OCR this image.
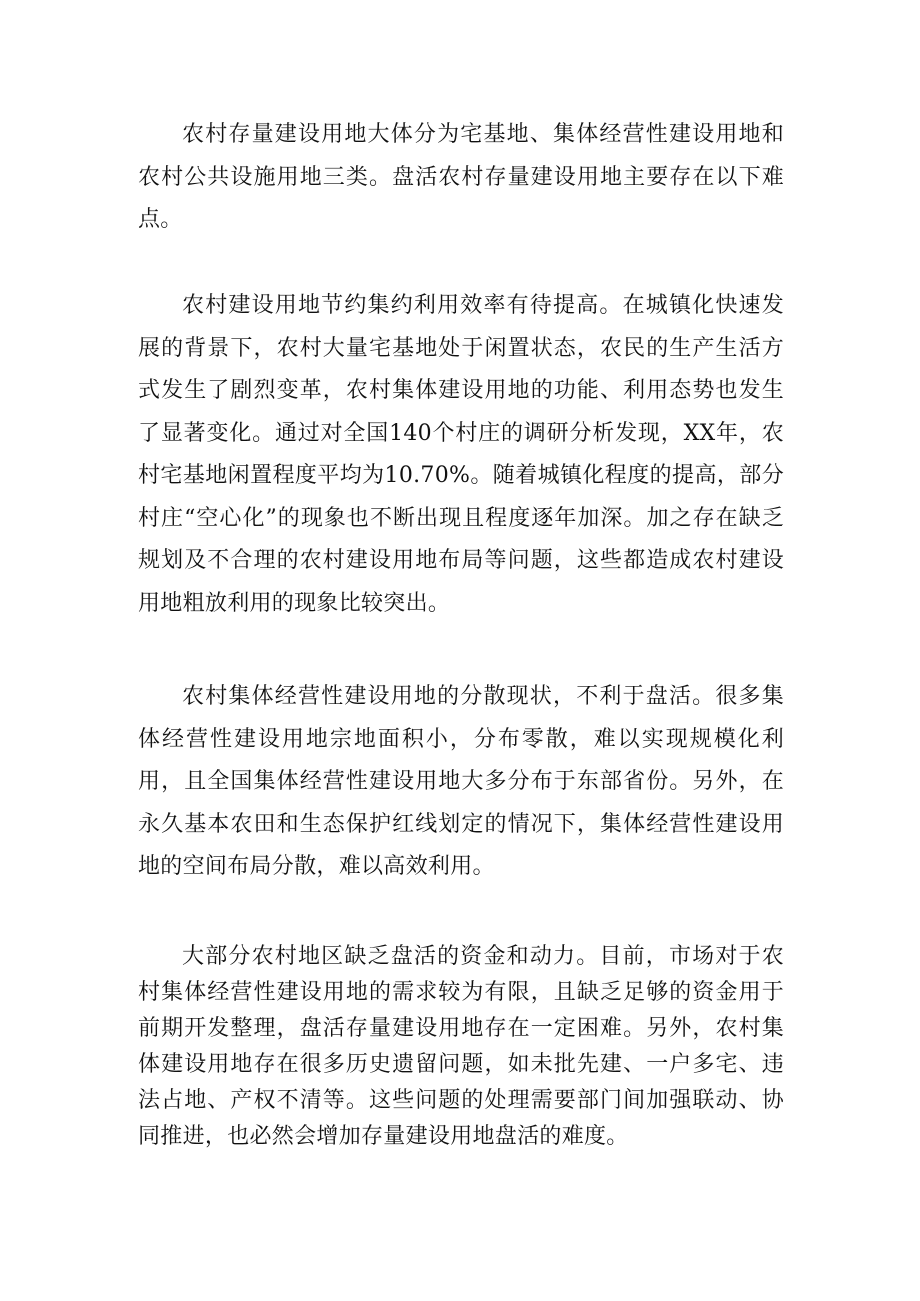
农村存量建设用地大体分为宅基地、集体经营性建设用地和农村公共设施用地三类。盘活农村存量建设用地主要存在以下难点。

农村建设用地节约集约利用效率有待提高。在城镇化快速发展的背景下，农村大量宅基地处于闲置状态，农民的生产生活方式发生了剧烈变革，农村集体建设用地的功能、利用态势也发生了显著变化。通过对全国140个村庄的调研分析发现，XX年，农村宅基地闲置程度平均为10.70%。随着城镇化程度的提高，部分村庄“空心化”的现象也不断出现且程度逐年加深。加之存在缺乏规划及不合理的农村建设用地布局等问题，这些都造成农村建设用地粗放利用的现象比较突出。

农村集体经营性建设用地的分散现状，不利于盘活。很多集体经营性建设用地宗地面积小，分布零散，难以实现规模化利用，且全国集体经营性建设用地大多分布于东部省份。另外，在永久基本农田和生态保护红线划定的情况下，集体经营性建设用地的空间布局分散，难以高效利用。

大部分农村地区缺乏盘活的资金和动力。目前，市场对于农村集体经营性建设用地的需求较为有限，且缺乏足够的资金用于前期开发整理，盘活存量建设用地存在一定困难。另外，农村集体建设用地存在很多历史遗留问题，如未批先建、一户多宅、违法占地、产权不清等。这些问题的处理需要部门间加强联动、协同推进，也必然会增加存量建设用地盘活的难度。
